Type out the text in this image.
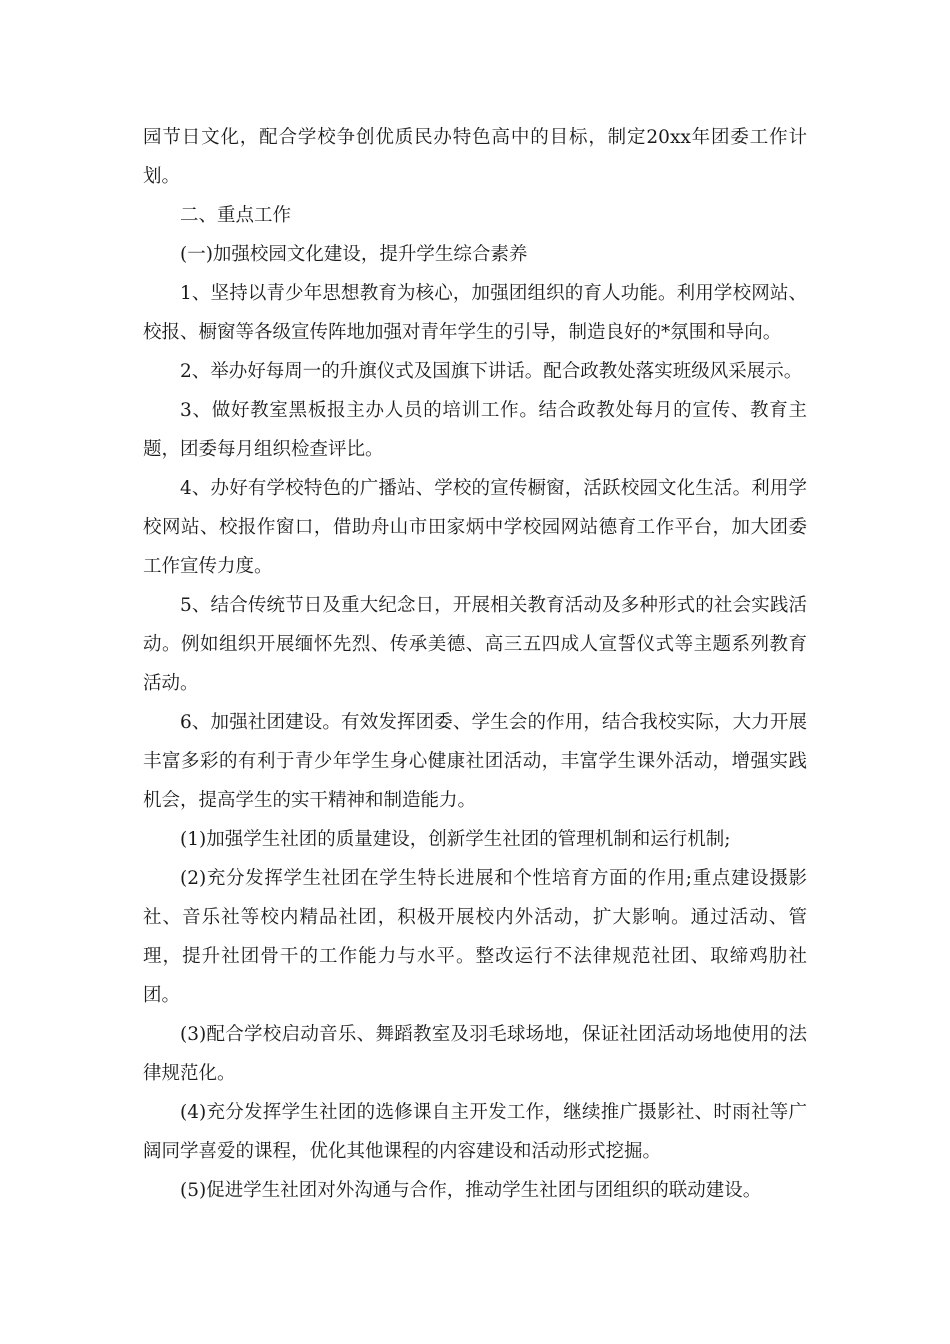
园节日文化，配合学校争创优质民办特色高中的目标，制定20xx年团委工作计划。

二、重点工作

(一)加强校园文化建设，提升学生综合素养

1、坚持以青少年思想教育为核心，加强团组织的育人功能。利用学校网站、校报、橱窗等各级宣传阵地加强对青年学生的引导，制造良好的*氛围和导向。

2、举办好每周一的升旗仪式及国旗下讲话。配合政教处落实班级风采展示。

3、做好教室黑板报主办人员的培训工作。结合政教处每月的宣传、教育主题，团委每月组织检查评比。

4、办好有学校特色的广播站、学校的宣传橱窗，活跃校园文化生活。利用学校网站、校报作窗口，借助舟山市田家炳中学校园网站德育工作平台，加大团委工作宣传力度。

5、结合传统节日及重大纪念日，开展相关教育活动及多种形式的社会实践活动。例如组织开展缅怀先烈、传承美德、高三五四成人宣誓仪式等主题系列教育活动。

6、加强社团建设。有效发挥团委、学生会的作用，结合我校实际，大力开展丰富多彩的有利于青少年学生身心健康社团活动，丰富学生课外活动，增强实践机会，提高学生的实干精神和制造能力。

(1)加强学生社团的质量建设，创新学生社团的管理机制和运行机制;

(2)充分发挥学生社团在学生特长进展和个性培育方面的作用;重点建设摄影社、音乐社等校内精品社团，积极开展校内外活动，扩大影响。通过活动、管理，提升社团骨干的工作能力与水平。整改运行不法律规范社团、取缔鸡肋社团。

(3)配合学校启动音乐、舞蹈教室及羽毛球场地，保证社团活动场地使用的法律规范化。

(4)充分发挥学生社团的选修课自主开发工作，继续推广摄影社、时雨社等广阔同学喜爱的课程，优化其他课程的内容建设和活动形式挖掘。

(5)促进学生社团对外沟通与合作，推动学生社团与团组织的联动建设。
